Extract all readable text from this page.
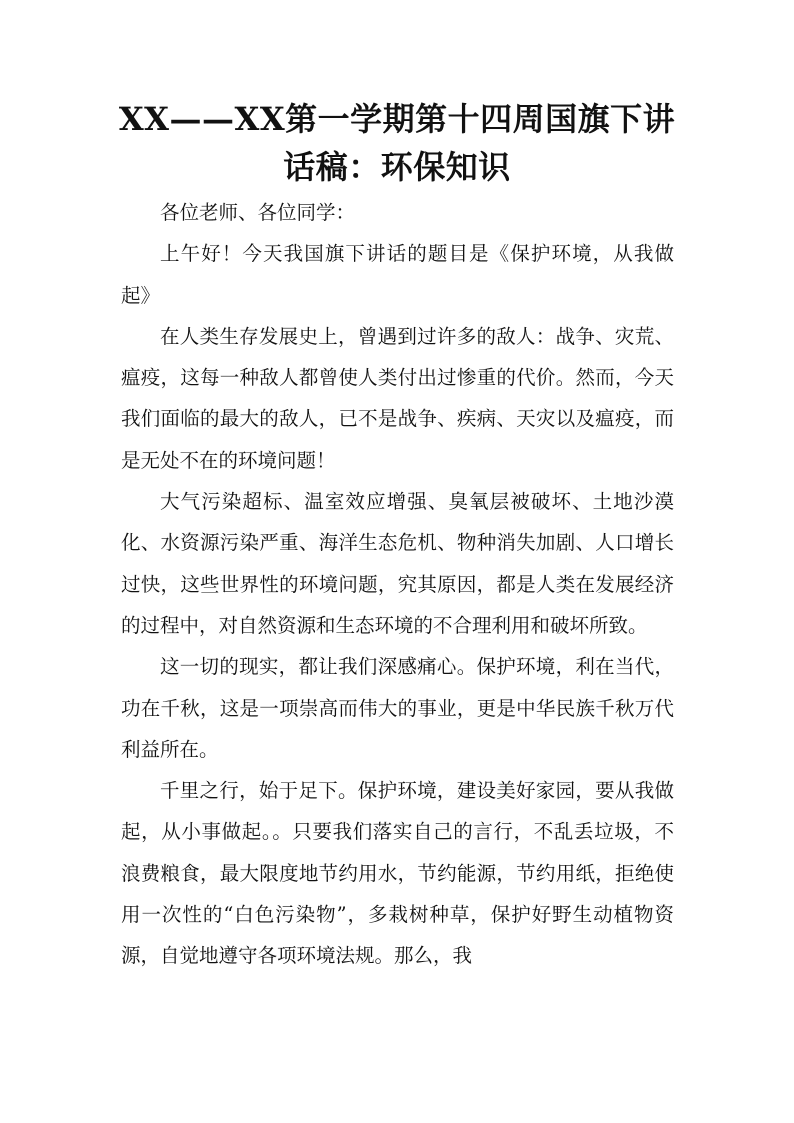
XX——XX第一学期第十四周国旗下讲话稿：环保知识

各位老师、各位同学：

上午好！今天我国旗下讲话的题目是《保护环境，从我做起》

在人类生存发展史上，曾遇到过许多的敌人：战争、灾荒、瘟疫，这每一种敌人都曾使人类付出过惨重的代价。然而，今天我们面临的最大的敌人，已不是战争、疾病、天灾以及瘟疫，而是无处不在的环境问题！

大气污染超标、温室效应增强、臭氧层被破坏、土地沙漠化、水资源污染严重、海洋生态危机、物种消失加剧、人口增长过快，这些世界性的环境问题，究其原因，都是人类在发展经济的过程中，对自然资源和生态环境的不合理利用和破坏所致。

这一切的现实，都让我们深感痛心。保护环境，利在当代，功在千秋，这是一项崇高而伟大的事业，更是中华民族千秋万代利益所在。

千里之行，始于足下。保护环境，建设美好家园，要从我做起，从小事做起。。只要我们落实自己的言行，不乱丢垃圾，不浪费粮食，最大限度地节约用水，节约能源，节约用纸，拒绝使用一次性的“白色污染物”，多栽树种草，保护好野生动植物资源，自觉地遵守各项环境法规。那么，我
